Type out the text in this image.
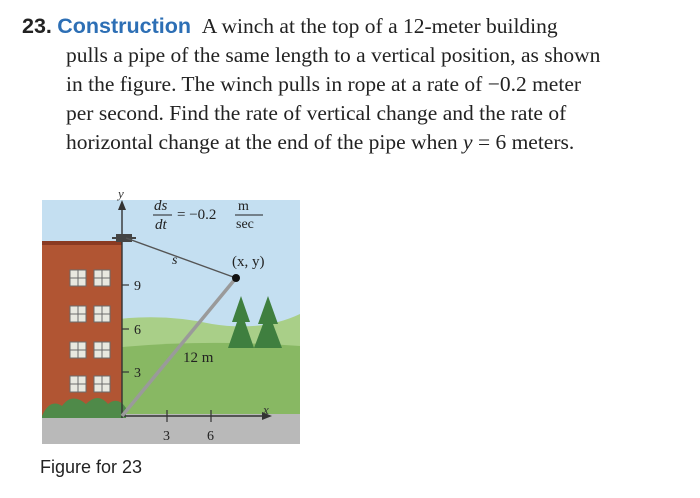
23. Construction A winch at the top of a 12-meter building
pulls a pipe of the same length to a vertical position, as shown
in the figure. The winch pulls in rope at a rate of −0.2 meter
per second. Find the rate of vertical change and the rate of
horizontal change at the end of the pipe when y = 6 meters.
y
x
9
6
3
3	6
s	(x, y)
12 m
ds
dt
= −0.2
m
sec
Figure for 23
